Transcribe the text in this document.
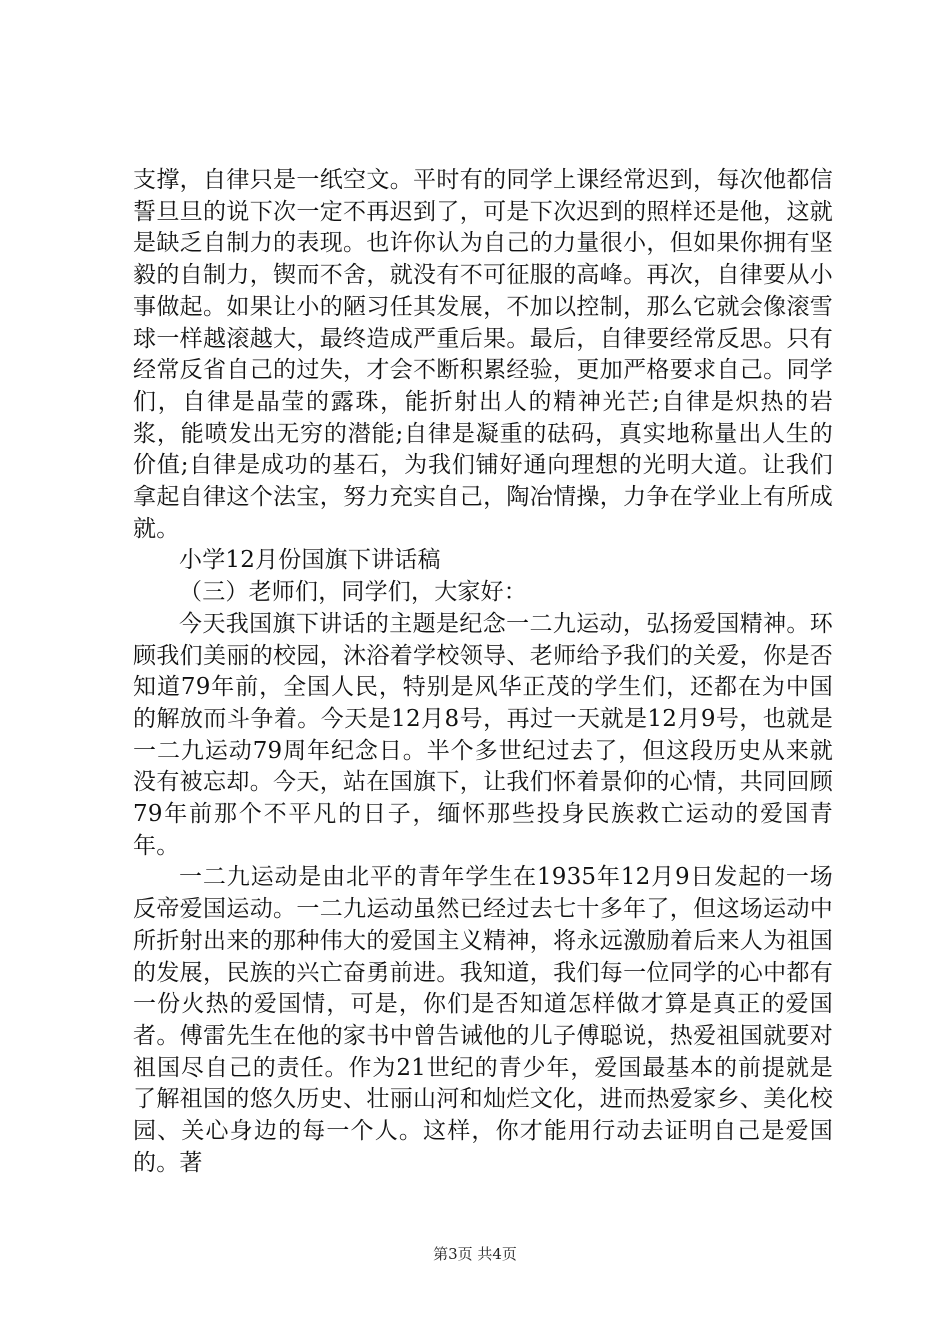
支撑，自律只是一纸空文。平时有的同学上课经常迟到，每次他都信誓旦旦的说下次一定不再迟到了，可是下次迟到的照样还是他，这就是缺乏自制力的表现。也许你认为自己的力量很小，但如果你拥有坚毅的自制力，锲而不舍，就没有不可征服的高峰。再次，自律要从小事做起。如果让小的陋习任其发展，不加以控制，那么它就会像滚雪球一样越滚越大，最终造成严重后果。最后，自律要经常反思。只有经常反省自己的过失，才会不断积累经验，更加严格要求自己。同学们，自律是晶莹的露珠，能折射出人的精神光芒;自律是炽热的岩浆，能喷发出无穷的潜能;自律是凝重的砝码，真实地称量出人生的价值;自律是成功的基石，为我们铺好通向理想的光明大道。让我们拿起自律这个法宝，努力充实自己，陶冶情操，力争在学业上有所成就。

小学12月份国旗下讲话稿

（三）老师们，同学们，大家好：

今天我国旗下讲话的主题是纪念一二九运动，弘扬爱国精神。环顾我们美丽的校园，沐浴着学校领导、老师给予我们的关爱，你是否知道79年前，全国人民，特别是风华正茂的学生们，还都在为中国的解放而斗争着。今天是12月8号，再过一天就是12月9号，也就是一二九运动79周年纪念日。半个多世纪过去了，但这段历史从来就没有被忘却。今天，站在国旗下，让我们怀着景仰的心情，共同回顾79年前那个不平凡的日子，缅怀那些投身民族救亡运动的爱国青年。

一二九运动是由北平的青年学生在1935年12月9日发起的一场反帝爱国运动。一二九运动虽然已经过去七十多年了，但这场运动中所折射出来的那种伟大的爱国主义精神，将永远激励着后来人为祖国的发展，民族的兴亡奋勇前进。我知道，我们每一位同学的心中都有一份火热的爱国情，可是，你们是否知道怎样做才算是真正的爱国者。傅雷先生在他的家书中曾告诫他的儿子傅聪说，热爱祖国就要对祖国尽自己的责任。作为21世纪的青少年，爱国最基本的前提就是了解祖国的悠久历史、壮丽山河和灿烂文化，进而热爱家乡、美化校园、关心身边的每一个人。这样，你才能用行动去证明自己是爱国的。著

第3页 共4页
